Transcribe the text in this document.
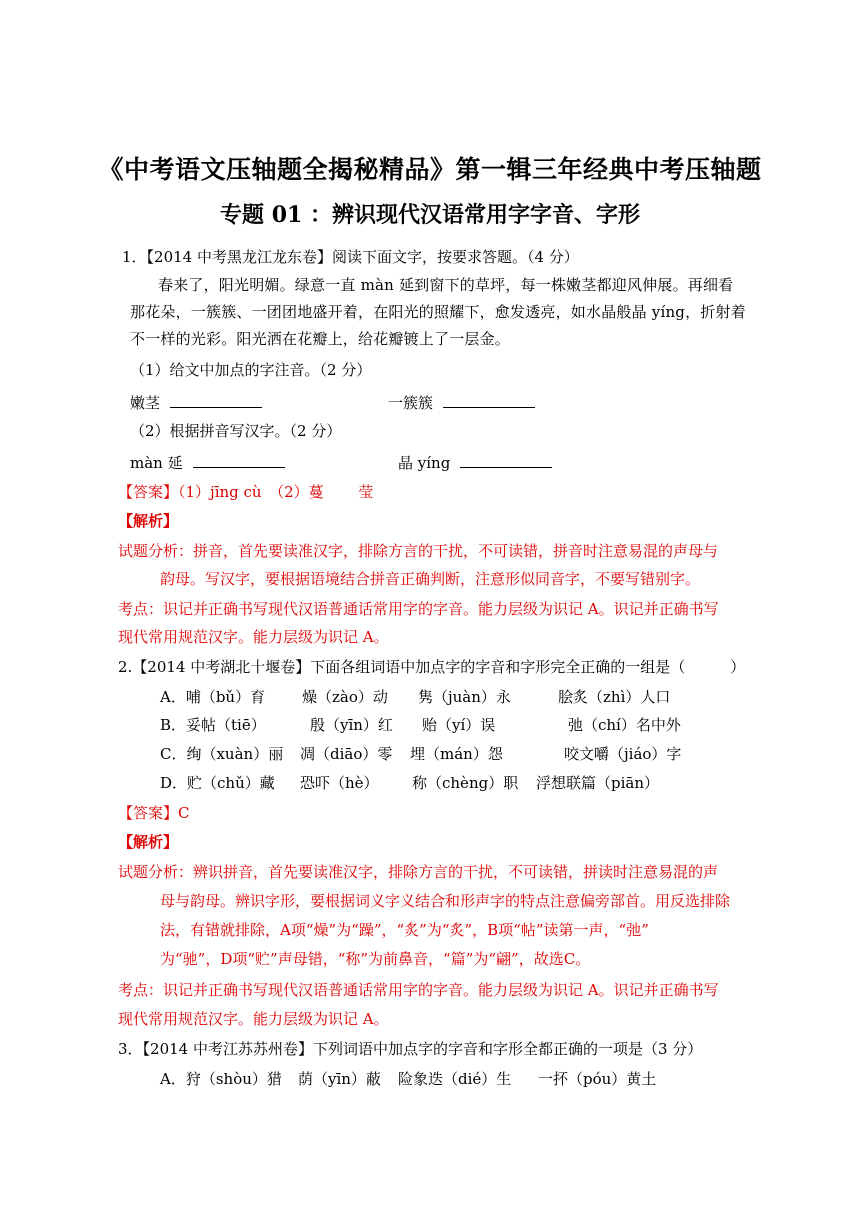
《中考语文压轴题全揭秘精品》第一辑三年经典中考压轴题
专题 01 ：辨识现代汉语常用字字音、字形
1．【2014 中考黑龙江龙东卷】阅读下面文字，按要求答题。（4 分）
春来了，阳光明媚。绿意一直 màn 延到窗下的草坪，每一株嫩茎都迎风伸展。再细看
那花朵，一簇簇、一团团地盛开着，在阳光的照耀下，愈发透亮，如水晶般晶 yíng，折射着
不一样的光彩。阳光洒在花瓣上，给花瓣镀上了一层金。
（1）给文中加点的字注音。（2 分）
嫩茎	一簇簇
（2）根据拼音写汉字。（2 分）
màn 延	晶 yíng
【答案】（1）jīng cù　（2）蔓　　 莹
【解析】
试题分析：拼音，首先要读准汉字，排除方言的干扰，不可读错，拼音时注意易混的声母与
韵母。写汉字，要根据语境结合拼音正确判断，注意形似同音字，不要写错别字。
考点：识记并正确书写现代汉语普通话常用字的字音。能力层级为识记 A。识记并正确书写
现代常用规范汉字。能力层级为识记 A。
2.【2014 中考湖北十堰卷】下面各组词语中加点字的字音和字形完全正确的一组是（　　　）
A．哺（bǔ）育 燥（zào）动 隽（juàn）永	脍炙（zhì）人口
B．妥帖（tiē）	殷（yīn）红 贻（yí）误	弛（chí）名中外
C．绚（xuàn）丽 凋（diāo）零 埋（mán）怨	咬文嚼（jiáo）字
D．贮（chǔ）藏 恐吓（hè） 称（chèng）职 浮想联篇（piān）
【答案】C
【解析】
试题分析：辨识拼音，首先要读准汉字，排除方言的干扰，不可读错，拼读时注意易混的声
母与韵母。辨识字形，要根据词义字义结合和形声字的特点注意偏旁部首。用反选排除
法，有错就排除，A项“燥”为“躁”，“炙”为“炙”，B项“帖”读第一声，“弛”
为“驰”，D项“贮”声母错，“称”为前鼻音，“篇”为“翩”，故选C。
考点：识记并正确书写现代汉语普通话常用字的字音。能力层级为识记 A。识记并正确书写
现代常用规范汉字。能力层级为识记 A。
3．【2014 中考江苏苏州卷】下列词语中加点字的字音和字形全都正确的一项是（3 分）
A．狩（shòu）猎 荫（yīn）蔽 险象迭（dié）生 一抔（póu）黄土
